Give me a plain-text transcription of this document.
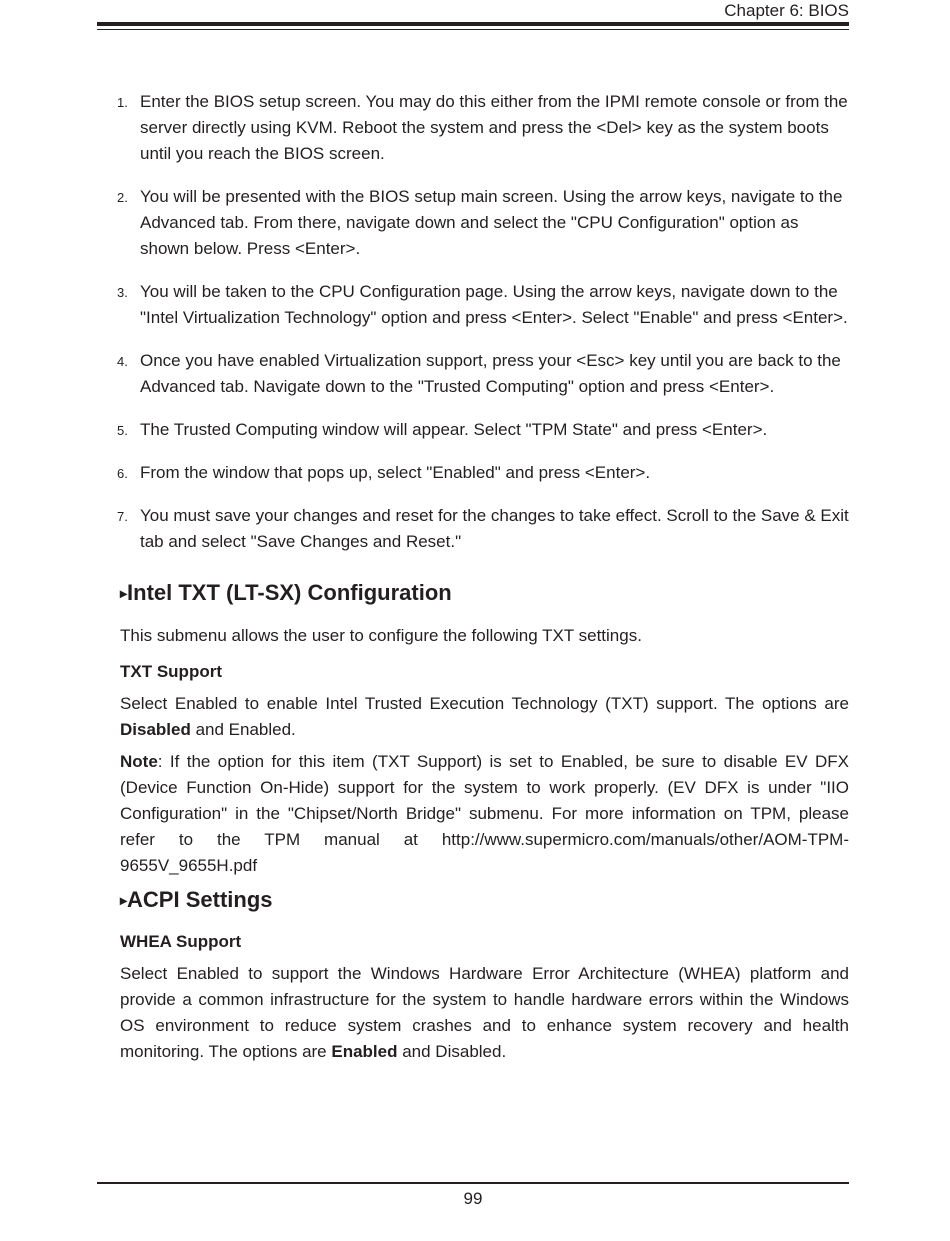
Chapter 6: BIOS
1. Enter the BIOS setup screen. You may do this either from the IPMI remote console or from the server directly using KVM. Reboot the system and press the <Del> key as the system boots until you reach the BIOS screen.
2. You will be presented with the BIOS setup main screen. Using the arrow keys, navigate to the Advanced tab. From there, navigate down and select the "CPU Configuration" option as shown below. Press <Enter>.
3. You will be taken to the CPU Configuration page. Using the arrow keys, navigate down to the "Intel Virtualization Technology" option and press <Enter>. Select "Enable" and press <Enter>.
4. Once you have enabled Virtualization support, press your <Esc> key until you are back to the Advanced tab. Navigate down to the "Trusted Computing" option and press <Enter>.
5. The Trusted Computing window will appear. Select "TPM State" and press <Enter>.
6. From the window that pops up, select "Enabled" and press <Enter>.
7. You must save your changes and reset for the changes to take effect. Scroll to the Save & Exit tab and select "Save Changes and Reset."
▸Intel TXT (LT-SX) Configuration

This submenu allows the user to configure the following TXT settings.

TXT Support

Select Enabled to enable Intel Trusted Execution Technology (TXT) support. The options are Disabled and Enabled.

Note: If the option for this item (TXT Support) is set to Enabled, be sure to disable EV DFX (Device Function On-Hide) support for the system to work properly. (EV DFX is under "IIO Configuration" in the "Chipset/North Bridge" submenu. For more information on TPM, please refer to the TPM manual at http://www.supermicro.com/manuals/other/AOM-TPM-9655V_9655H.pdf

▸ACPI Settings

WHEA Support

Select Enabled to support the Windows Hardware Error Architecture (WHEA) platform and provide a common infrastructure for the system to handle hardware errors within the Windows OS environment to reduce system crashes and to enhance system recovery and health monitoring. The options are Enabled and Disabled.

99
